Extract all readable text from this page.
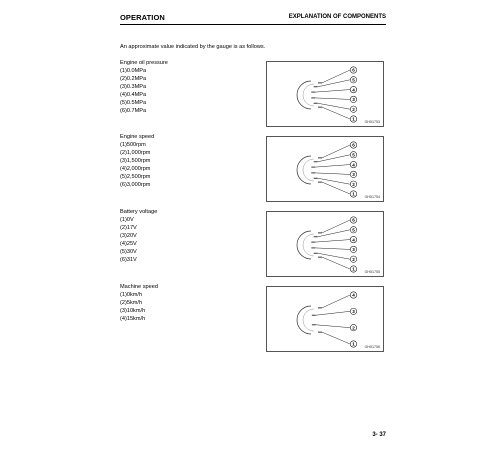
OPERATION	EXPLANATION OF COMPONENTS
An approximate value indicated by the gauge is as follows.
Engine oil pressure
(1)0.0MPa
(2)0.2MPa
(3)0.3MPa
(4)0.4MPa
(5)0.5MPa
(6)0.7MPa
6
5
4
3
2
1
GH51753
Engine speed
(1)500rpm
(2)1,000rpm
(3)1,500rpm
(4)2,000rpm
(5)2,500rpm
(6)3,000rpm
6
5
4
3
2
1
GH51754
Battery voltage
(1)0V
(2)17V
(3)20V
(4)25V
(5)30V
(6)31V
6
5
4
3
2
1
GH51755
Machine speed
(1)0km/h
(2)5km/h
(3)10km/h
(4)15km/h
4
3
2
1
GH51756
3- 37
